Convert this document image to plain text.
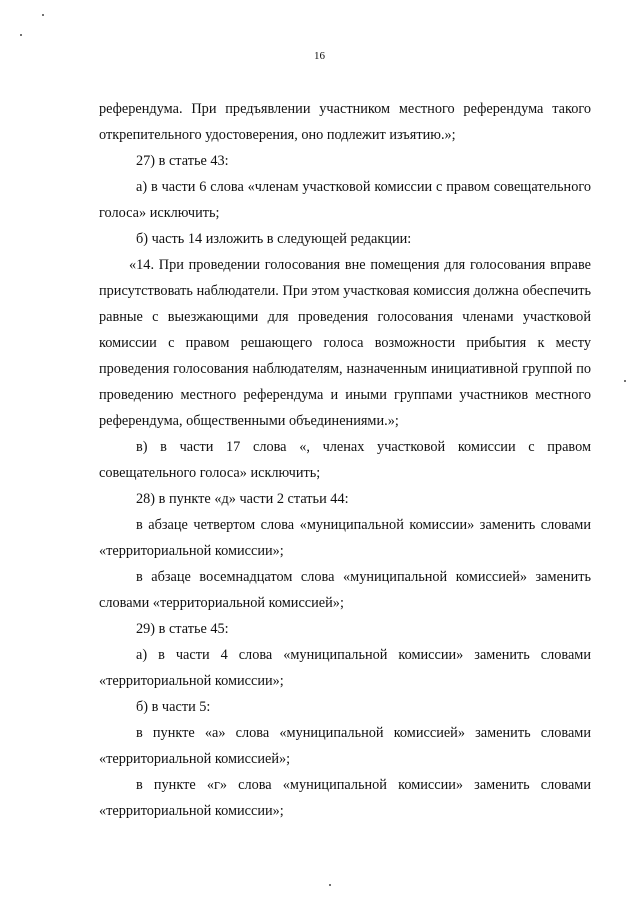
16

референдума. При предъявлении участником местного референдума такого открепительного удостоверения, оно подлежит изъятию.»;

27) в статье 43:

а) в части 6 слова «членам участковой комиссии с правом совещательного голоса» исключить;

б) часть 14 изложить в следующей редакции:

«14. При проведении голосования вне помещения для голосования вправе присутствовать наблюдатели. При этом участковая комиссия должна обеспечить равные с выезжающими для проведения голосования членами участковой комиссии с правом решающего голоса возможности прибытия к месту проведения голосования наблюдателям, назначенным инициативной группой по проведению местного референдума и иными группами участников местного референдума, общественными объединениями.»;

в) в части 17 слова «, членах участковой комиссии с правом совещательного голоса» исключить;

28) в пункте «д» части 2 статьи 44:

в абзаце четвертом слова «муниципальной комиссии» заменить словами «территориальной комиссии»;

в абзаце восемнадцатом слова «муниципальной комиссией» заменить словами «территориальной комиссией»;

29) в статье 45:

а) в части 4 слова «муниципальной комиссии» заменить словами «территориальной комиссии»;

б) в части 5:

в пункте «а» слова «муниципальной комиссией» заменить словами «территориальной комиссией»;

в пункте «г» слова «муниципальной комиссии» заменить словами «территориальной комиссии»;
